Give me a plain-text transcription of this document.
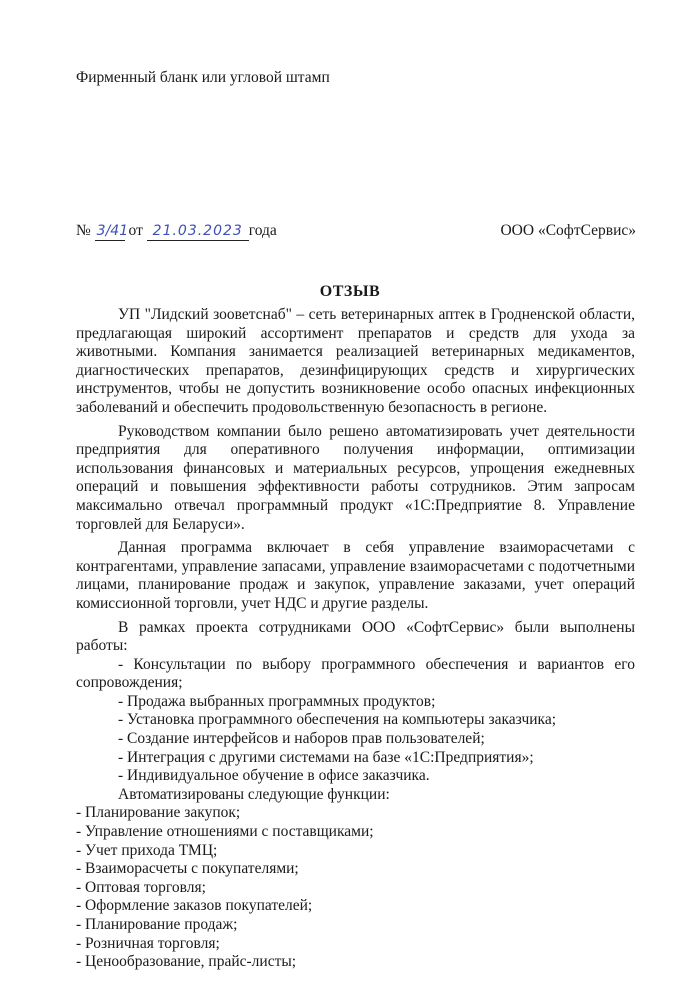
Фирменный бланк или угловой штамп
№ 3/41 от 21.03.2023 года	ООО «СофтСервис»
ОТЗЫВ

УП "Лидский зооветснаб" – сеть ветеринарных аптек в Гродненской области, предлагающая широкий ассортимент препаратов и средств для ухода за животными. Компания занимается реализацией ветеринарных медикаментов, диагностических препаратов, дезинфицирующих средств и хирургических инструментов, чтобы не допустить возникновение особо опасных инфекционных заболеваний и обеспечить продовольственную безопасность в регионе.

Руководством компании было решено автоматизировать учет деятельности предприятия для оперативного получения информации, оптимизации использования финансовых и материальных ресурсов, упрощения ежедневных операций и повышения эффективности работы сотрудников. Этим запросам максимально отвечал программный продукт «1С:Предприятие 8. Управление торговлей для Беларуси».

Данная программа включает в себя управление взаиморасчетами с контрагентами, управление запасами, управление взаиморасчетами с подотчетными лицами, планирование продаж и закупок, управление заказами, учет операций комиссионной торговли, учет НДС и другие разделы.

В рамках проекта сотрудниками ООО «СофтСервис» были выполнены работы:

- Консультации по выбору программного обеспечения и вариантов его сопровождения;
- Продажа выбранных программных продуктов;
- Установка программного обеспечения на компьютеры заказчика;
- Создание интерфейсов и наборов прав пользователей;
- Интеграция с другими системами на базе «1С:Предприятия»;
- Индивидуальное обучение в офисе заказчика.
Автоматизированы следующие функции:
- Планирование закупок;
- Управление отношениями с поставщиками;
- Учет прихода ТМЦ;
- Взаиморасчеты с покупателями;
- Оптовая торговля;
- Оформление заказов покупателей;
- Планирование продаж;
- Розничная торговля;
- Ценообразование, прайс-листы;
